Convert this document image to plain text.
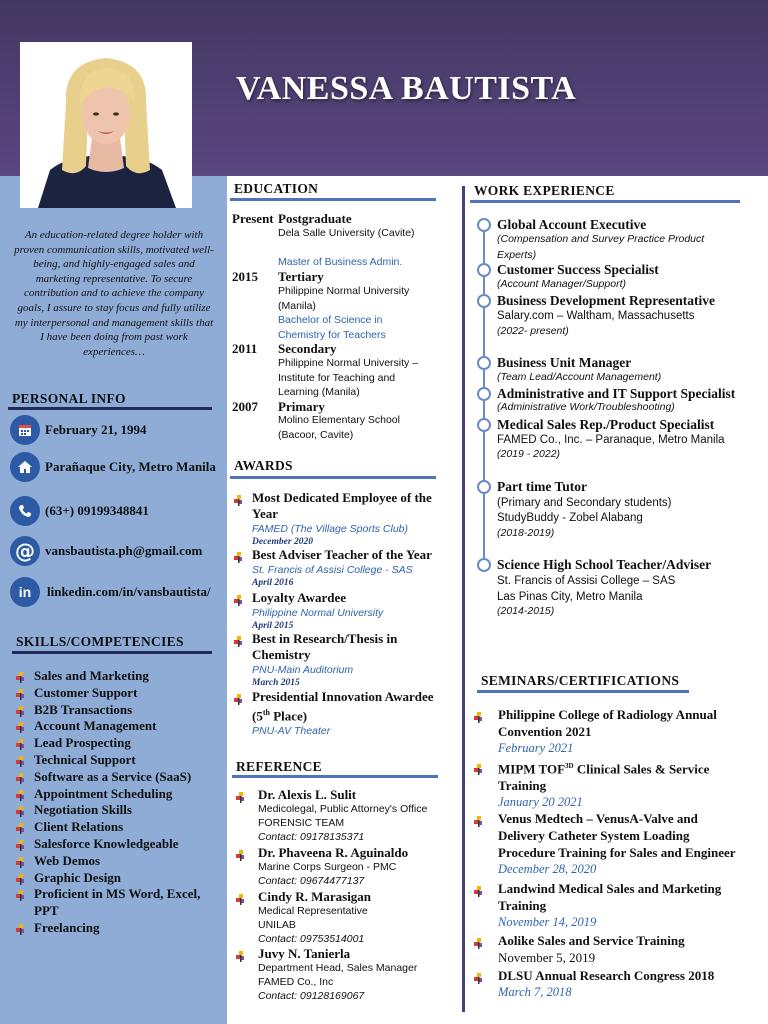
VANESSA BAUTISTA
An education-related degree holder with proven communication skills, motivated well-being, and highly-engaged sales and marketing representative. To secure contribution and to achieve the company goals, I assure to stay focus and fully utilize my interpersonal and management skills that I have been doing from past work experiences…
PERSONAL INFO
February 21, 1994
Parañaque City, Metro Manila
(63+) 09199348841
@ vansbautista.ph@gmail.com
in	linkedin.com/in/vansbautista/
SKILLS/COMPETENCIES
Sales and Marketing
Customer Support
B2B Transactions
Account Management
Lead Prospecting
Technical Support
Software as a Service (SaaS)
Appointment Scheduling
Negotiation Skills
Client Relations
Salesforce Knowledgeable
Web Demos
Graphic Design
Proficient in MS Word, Excel, PPT
Freelancing
EDUCATION
Present Postgraduate
Dela Salle University (Cavite)
Master of Business Admin.
2015	Tertiary
Philippine Normal University (Manila)
Bachelor of Science in Chemistry for Teachers
2011	Secondary
Philippine Normal University – Institute for Teaching and Learning (Manila)
2007	Primary
Molino Elementary School (Bacoor, Cavite)
AWARDS
Most Dedicated Employee of the Year
FAMED (The Village Sports Club)
December 2020
Best Adviser Teacher of the Year
St. Francis of Assisi College - SAS
April 2016
Loyalty Awardee
Philippine Normal University
April 2015
Best in Research/Thesis in Chemistry
PNU-Main Auditorium
March 2015
Presidential Innovation Awardee (5th Place)
PNU-AV Theater
REFERENCE
Dr. Alexis L. Sulit
Medicolegal, Public Attorney's Office
FORENSIC TEAM
Contact: 09178135371
Dr. Phaveena R. Aguinaldo
Marine Corps Surgeon - PMC
Contact: 09674477137
Cindy R. Marasigan
Medical Representative
UNILAB
Contact: 09753514001
Juvy N. Tanierla
Department Head, Sales Manager
FAMED Co., Inc
Contact: 09128169067
WORK EXPERIENCE
Global Account Executive
(Compensation and Survey Practice Product Experts)
Customer Success Specialist
(Account Manager/Support)
Business Development Representative
Salary.com – Waltham, Massachusetts
(2022- present)
Business Unit Manager
(Team Lead/Account Management)
Administrative and IT Support Specialist
(Administrative Work/Troubleshooting)
Medical Sales Rep./Product Specialist
FAMED Co., Inc. – Paranaque, Metro Manila
(2019 - 2022)
Part time Tutor
(Primary and Secondary students)
StudyBuddy - Zobel Alabang
(2018-2019)
Science High School Teacher/Adviser
St. Francis of Assisi College – SAS
Las Pinas City, Metro Manila
(2014-2015)
SEMINARS/CERTIFICATIONS
Philippine College of Radiology Annual Convention 2021
February 2021
MIPM $TOF^{3D}$ Clinical Sales & Service Training
January 20 2021
Venus Medtech – VenusA-Valve and Delivery Catheter System Loading Procedure Training for Sales and Engineer
December 28, 2020
Landwind Medical Sales and Marketing Training
November 14, 2019
Aolike Sales and Service Training
November 5, 2019
DLSU Annual Research Congress 2018
March 7, 2018
